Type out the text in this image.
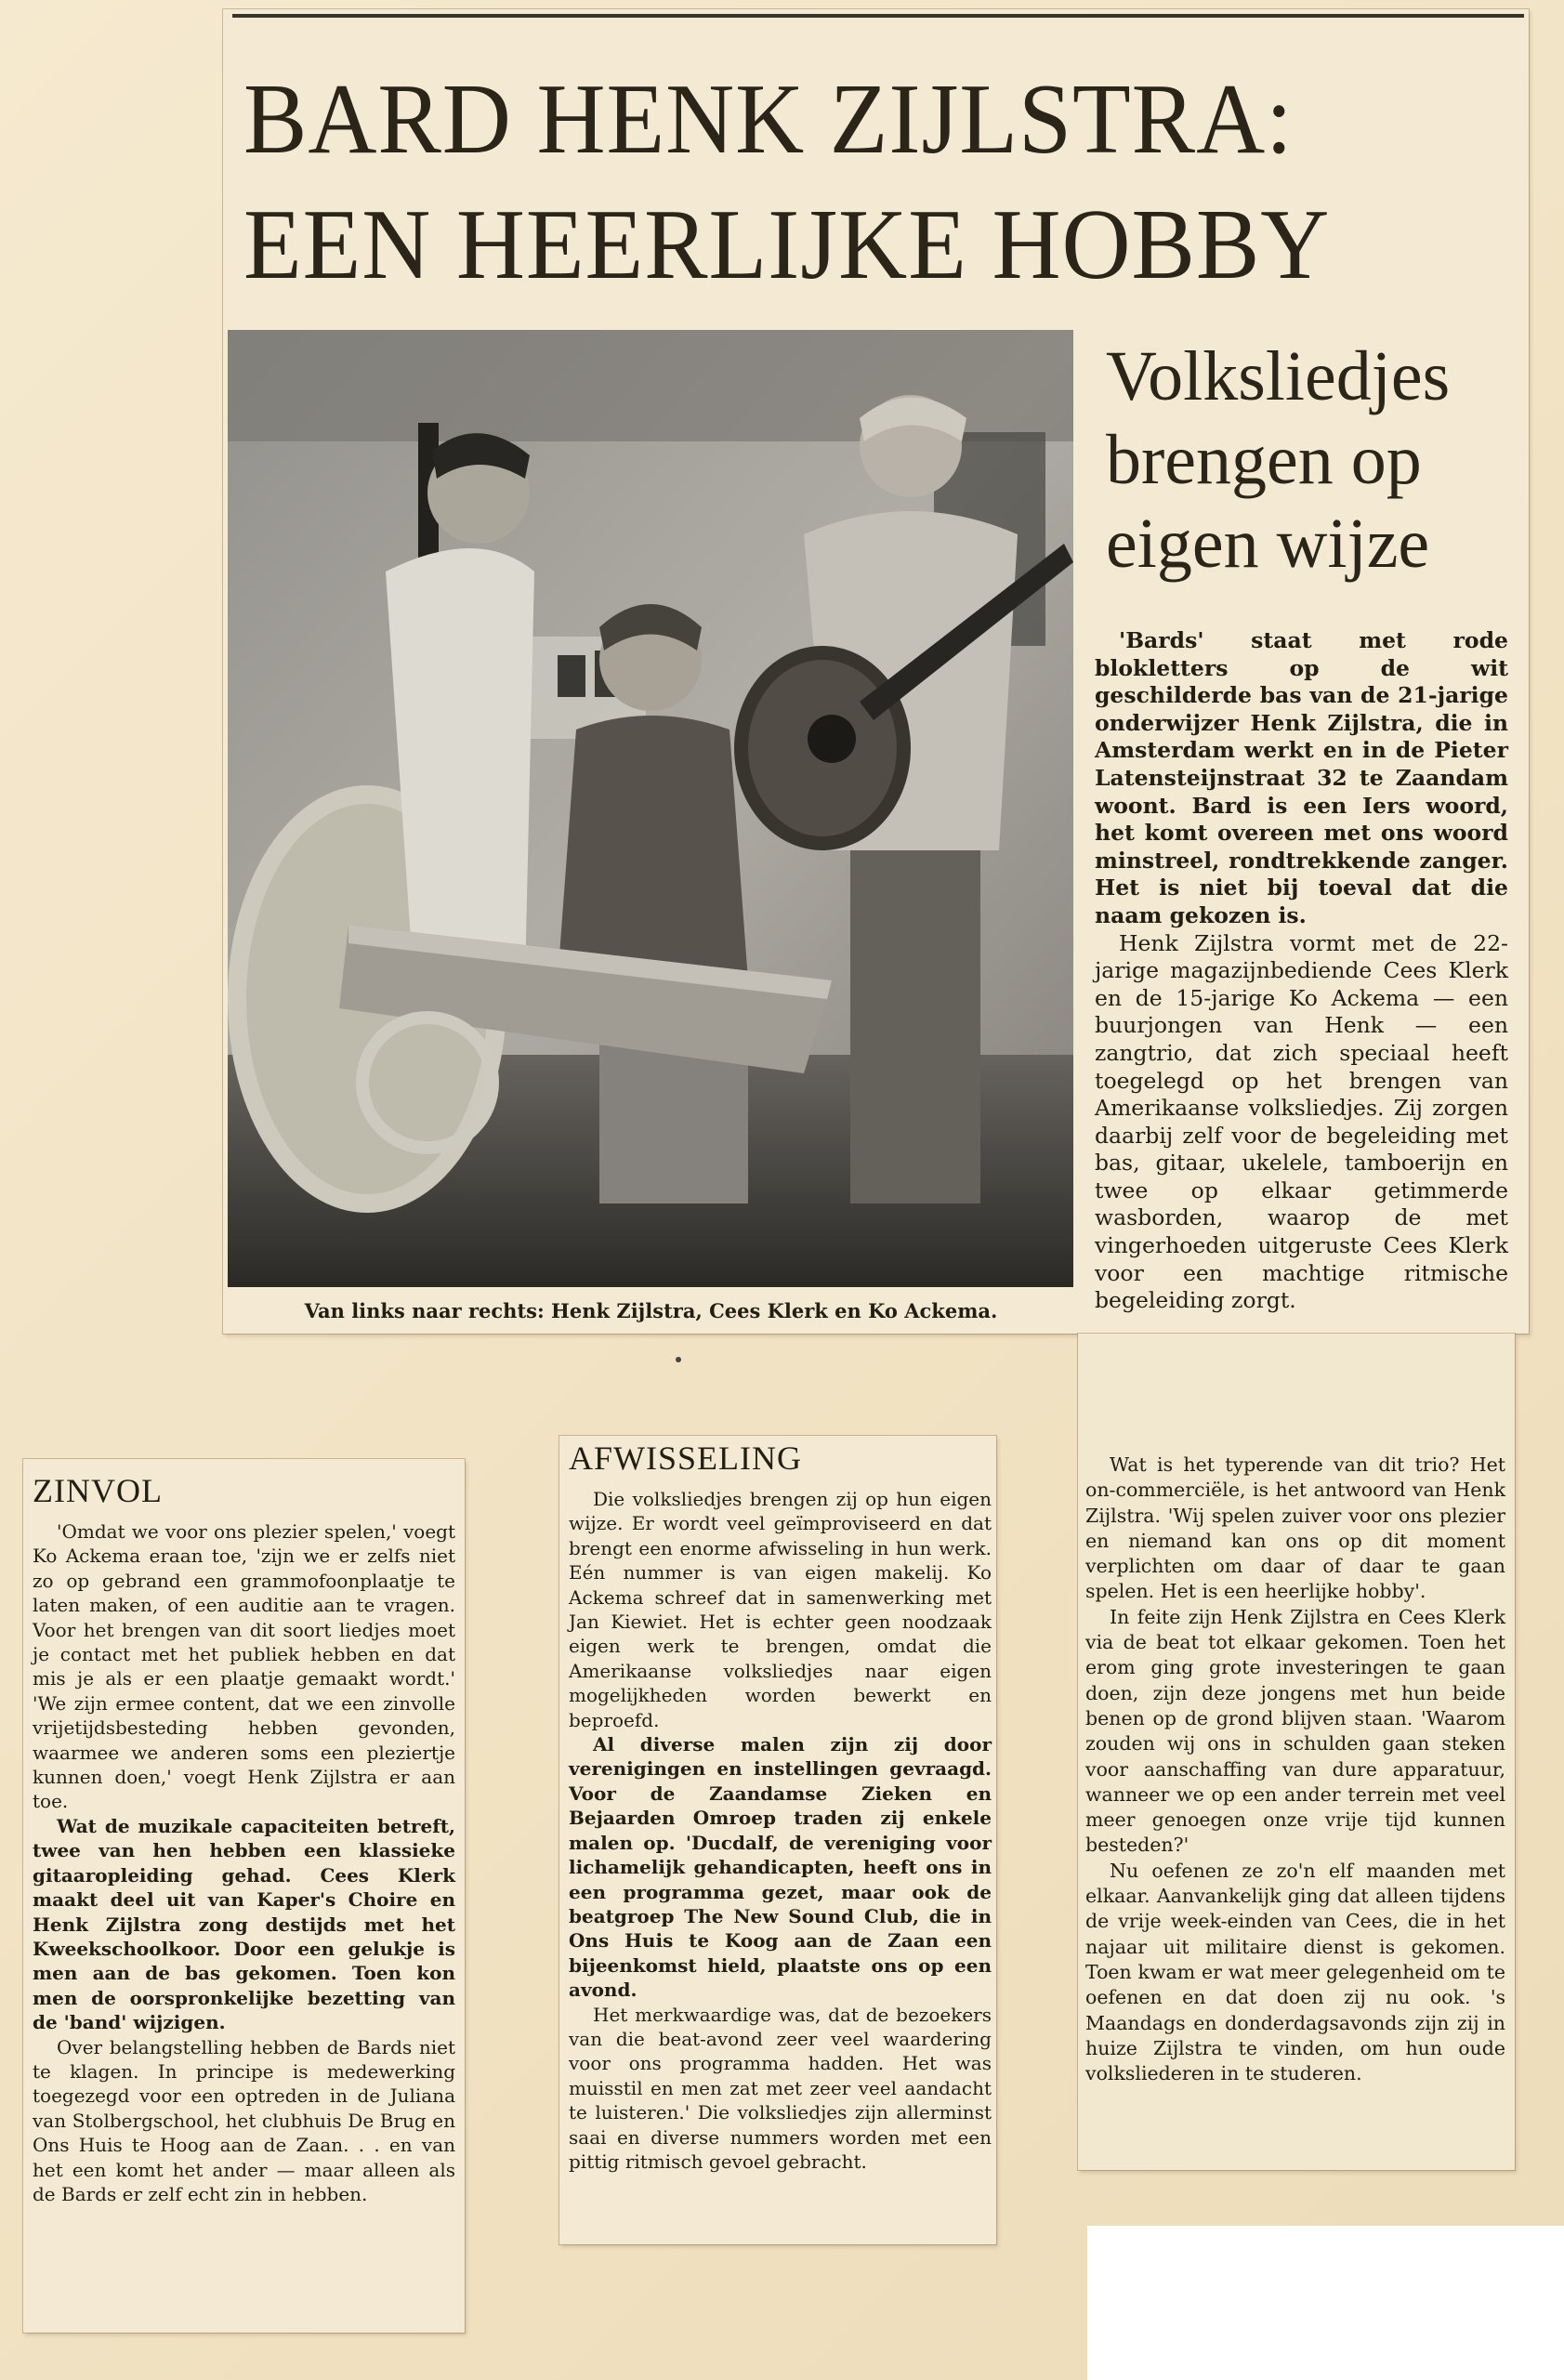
BARD HENK ZIJLSTRA:
EEN HEERLIJKE HOBBY

Van links naar rechts: Henk Zijlstra, Cees Klerk en Ko Ackema.

Volksliedjes
brengen op
eigen wijze

'Bards' staat met rode blokletters op de wit geschilderde bas van de 21-jarige onderwijzer Henk Zijlstra, die in Amsterdam werkt en in de Pieter Latensteijnstraat 32 te Zaandam woont. Bard is een Iers woord, het komt overeen met ons woord minstreel, rondtrekkende zanger. Het is niet bij toeval dat die naam gekozen is.

Henk Zijlstra vormt met de 22-jarige magazijnbediende Cees Klerk en de 15-jarige Ko Ackema — een buurjongen van Henk — een zangtrio, dat zich speciaal heeft toegelegd op het brengen van Amerikaanse volksliedjes. Zij zorgen daarbij zelf voor de begeleiding met bas, gitaar, ukelele, tamboerijn en twee op elkaar getimmerde wasborden, waarop de met vingerhoeden uitgeruste Cees Klerk voor een machtige ritmische begeleiding zorgt.

Wat is het typerende van dit trio? Het on-commerciële, is het antwoord van Henk Zijlstra. 'Wij spelen zuiver voor ons plezier en niemand kan ons op dit moment verplichten om daar of daar te gaan spelen. Het is een heerlijke hobby'.

In feite zijn Henk Zijlstra en Cees Klerk via de beat tot elkaar gekomen. Toen het erom ging grote investeringen te gaan doen, zijn deze jongens met hun beide benen op de grond blijven staan. 'Waarom zouden wij ons in schulden gaan steken voor aanschaffing van dure apparatuur, wanneer we op een ander terrein met veel meer genoegen onze vrije tijd kunnen besteden?'

Nu oefenen ze zo'n elf maanden met elkaar. Aanvankelijk ging dat alleen tijdens de vrije week-einden van Cees, die in het najaar uit militaire dienst is gekomen. Toen kwam er wat meer gelegenheid om te oefenen en dat doen zij nu ook. 's Maandags en donderdagsavonds zijn zij in huize Zijlstra te vinden, om hun oude volksliederen in te studeren.

ZINVOL

'Omdat we voor ons plezier spelen,' voegt Ko Ackema eraan toe, 'zijn we er zelfs niet zo op gebrand een grammofoonplaatje te laten maken, of een auditie aan te vragen. Voor het brengen van dit soort liedjes moet je contact met het publiek hebben en dat mis je als er een plaatje gemaakt wordt.' 'We zijn ermee content, dat we een zinvolle vrijetijdsbesteding hebben gevonden, waarmee we anderen soms een pleziertje kunnen doen,' voegt Henk Zijlstra er aan toe.

Wat de muzikale capaciteiten betreft, twee van hen hebben een klassieke gitaaropleiding gehad. Cees Klerk maakt deel uit van Kaper's Choire en Henk Zijlstra zong destijds met het Kweekschoolkoor. Door een gelukje is men aan de bas gekomen. Toen kon men de oorspronkelijke bezetting van de 'band' wijzigen.

Over belangstelling hebben de Bards niet te klagen. In principe is medewerking toegezegd voor een optreden in de Juliana van Stolbergschool, het clubhuis De Brug en Ons Huis te Hoog aan de Zaan. . . en van het een komt het ander — maar alleen als de Bards er zelf echt zin in hebben.

AFWISSELING

Die volksliedjes brengen zij op hun eigen wijze. Er wordt veel geïmproviseerd en dat brengt een enorme afwisseling in hun werk. Eén nummer is van eigen makelij. Ko Ackema schreef dat in samenwerking met Jan Kiewiet. Het is echter geen noodzaak eigen werk te brengen, omdat die Amerikaanse volksliedjes naar eigen mogelijkheden worden bewerkt en beproefd.

Al diverse malen zijn zij door verenigingen en instellingen gevraagd. Voor de Zaandamse Zieken en Bejaarden Omroep traden zij enkele malen op. 'Ducdalf, de vereniging voor lichamelijk gehandicapten, heeft ons in een programma gezet, maar ook de beatgroep The New Sound Club, die in Ons Huis te Koog aan de Zaan een bijeenkomst hield, plaatste ons op een avond.

Het merkwaardige was, dat de bezoekers van die beat-avond zeer veel waardering voor ons programma hadden. Het was muisstil en men zat met zeer veel aandacht te luisteren.' Die volksliedjes zijn allerminst saai en diverse nummers worden met een pittig ritmisch gevoel gebracht.
